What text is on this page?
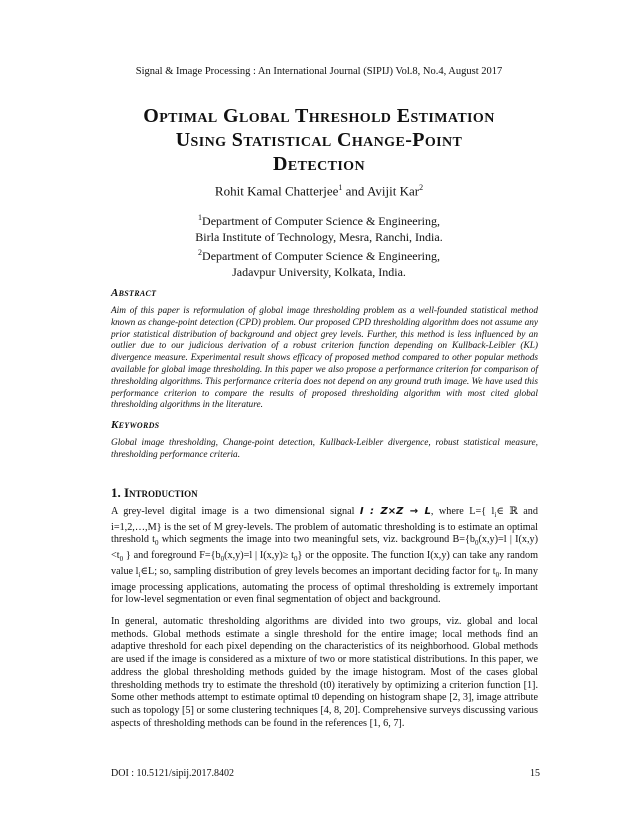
Signal & Image Processing : An International Journal (SIPIJ) Vol.8, No.4, August 2017
Optimal Global Threshold Estimation
Using Statistical Change-Point
Detection
Rohit Kamal Chatterjee$^1$ and Avijit Kar$^2$
$^1$Department of Computer Science & Engineering,
Birla Institute of Technology, Mesra, Ranchi, India.
$^2$Department of Computer Science & Engineering,
Jadavpur University, Kolkata, India.
Abstract
Aim of this paper is reformulation of global image thresholding problem as a well-founded statistical method known as change-point detection (CPD) problem. Our proposed CPD thresholding algorithm does not assume any prior statistical distribution of background and object grey levels. Further, this method is less influenced by an outlier due to our judicious derivation of a robust criterion function depending on Kullback-Leibler (KL) divergence measure. Experimental result shows efficacy of proposed method compared to other popular methods available for global image thresholding. In this paper we also propose a performance criterion for comparison of thresholding algorithms. This performance criteria does not depend on any ground truth image. We have used this performance criterion to compare the results of proposed thresholding algorithm with most cited global thresholding algorithms in the literature.
Keywords
Global image thresholding, Change-point detection, Kullback-Leibler divergence, robust statistical measure, thresholding performance criteria.
1. Introduction
A grey-level digital image is a two dimensional signal I : Z×Z → L, where L={ $l_i\in$ ℝ and i=1,2,…,M} is the set of M grey-levels. The problem of automatic thresholding is to estimate an optimal threshold $t_0$ which segments the image into two meaningful sets, viz. background $B=\{b_0(x,y)=l$ | $I(x,y)<t_0$ } and foreground $F=\{b_0(x,y)=l$ | $I(x,y)\ge t_0$} or the opposite. The function I(x,y) can take any random value $l_i\in L$; so, sampling distribution of grey levels becomes an important deciding factor for $t_0$. In many image processing applications, automating the process of optimal thresholding is extremely important for low-level segmentation or even final segmentation of object and background.
In general, automatic thresholding algorithms are divided into two groups, viz. global and local methods. Global methods estimate a single threshold for the entire image; local methods find an adaptive threshold for each pixel depending on the characteristics of its neighborhood. Global methods are used if the image is considered as a mixture of two or more statistical distributions. In this paper, we address the global thresholding methods guided by the image histogram. Most of the cases global thresholding methods try to estimate the threshold (t0) iteratively by optimizing a criterion function [1]. Some other methods attempt to estimate optimal t0 depending on histogram shape [2, 3], image attribute such as topology [5] or some clustering techniques [4, 8, 20]. Comprehensive surveys discussing various aspects of thresholding methods can be found in the references [1, 6, 7].
DOI : 10.5121/sipij.2017.8402	15
